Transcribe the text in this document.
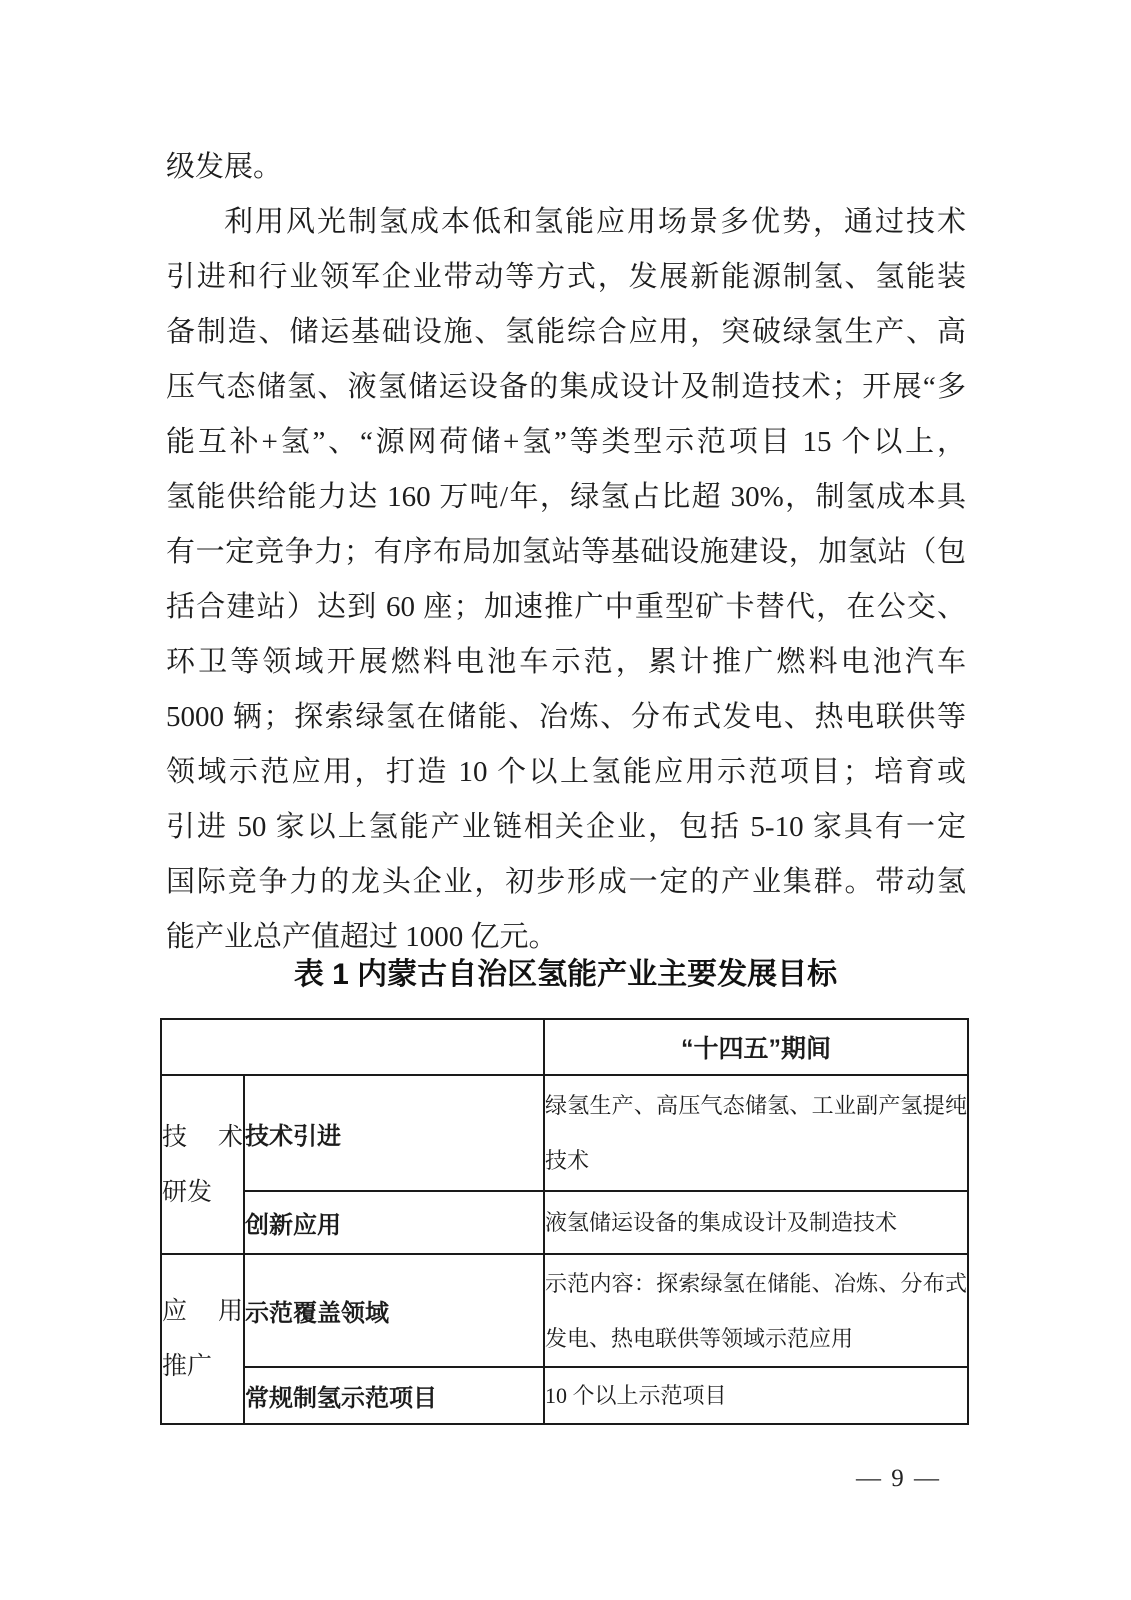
级发展。
利用风光制氢成本低和氢能应用场景多优势，通过技术
引进和行业领军企业带动等方式，发展新能源制氢、氢能装
备制造、储运基础设施、氢能综合应用，突破绿氢生产、高
压气态储氢、液氢储运设备的集成设计及制造技术；开展“多
能互补+氢”、“源网荷储+氢”等类型示范项目 15 个以上，
氢能供给能力达 160 万吨/年，绿氢占比超 30%，制氢成本具
有一定竞争力；有序布局加氢站等基础设施建设，加氢站（包
括合建站）达到 60 座；加速推广中重型矿卡替代，在公交、
环卫等领域开展燃料电池车示范，累计推广燃料电池汽车
5000 辆；探索绿氢在储能、冶炼、分布式发电、热电联供等
领域示范应用，打造 10 个以上氢能应用示范项目；培育或
引进 50 家以上氢能产业链相关企业，包括 5-10 家具有一定
国际竞争力的龙头企业，初步形成一定的产业集群。带动氢
能产业总产值超过 1000 亿元。
表 1 内蒙古自治区氢能产业主要发展目标
		“十四五”期间

技术
研发	技术引进	绿氢生产、高压气态储氢、工业副产氢提纯技术
	创新应用	液氢储运设备的集成设计及制造技术

应用
推广	示范覆盖领域	示范内容：探索绿氢在储能、冶炼、分布式发电、热电联供等领域示范应用
	常规制氢示范项目	10 个以上示范项目
— 9 —
